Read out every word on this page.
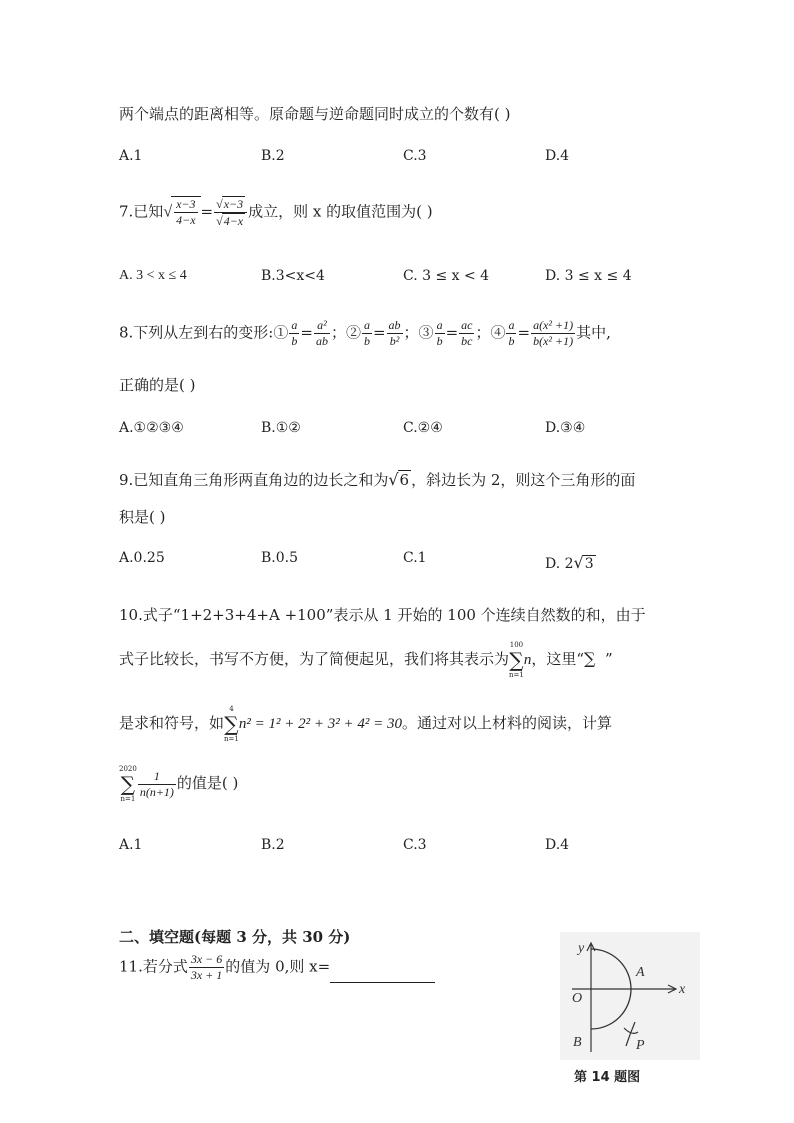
两个端点的距离相等。原命题与逆命题同时成立的个数有( )
A.1	B.2	C.3	D.4
7.已知√ $\frac{x-3}{4-x} = \frac{√x-3}{√4-x}$ 成立，则 x 的取值范围为( )
A. 3 < x ≤ 4	B.3<x<4	C. 3 ≤ x < 4	D. 3 ≤ x ≤ 4
8.下列从左到右的变形:① $\frac{a}{b} = \frac{\text{a²}}{ab}$ ；② $\frac{a}{b} = \frac{ab}{\text{b²}}$ ；③ $\frac{a}{b} = \frac{ac}{bc}$ ；④ $\frac{a}{b} = \frac{\text{a(x² +1)}}{\text{b(x² +1)}}$ 其中,
正确的是( )
A.①②③④	B.①②	C.②④	D.③④
9.已知直角三角形两直角边的边长之和为√6 ，斜边长为 2，则这个三角形的面
积是( )
A.0.25	B.0.5	C.1	D. 2√3
10.式子“1+2+3+4+A +100”表示从 1 开始的 100 个连续自然数的和，由于
式子比较长，书写不方便，为了简便起见，我们将其表示为
100
∑
n=1
n，这里“∑ ”
是求和符号，如
4
∑
n=1
n² = 1² + 2² + 3² + 4² = 30。通过对以上材料的阅读，计算
2020
∑
$n=1 \frac{1}{n(n+1)}$ 的值是( )
A.1	B.2	C.3	D.4
二、填空题(每题 3 分，共 30 分)
11.若分式 $\frac{3x - 6}{3x + 1}$ 的值为 0,则 x=
y
x
O
A
B	P
第 14 题图
